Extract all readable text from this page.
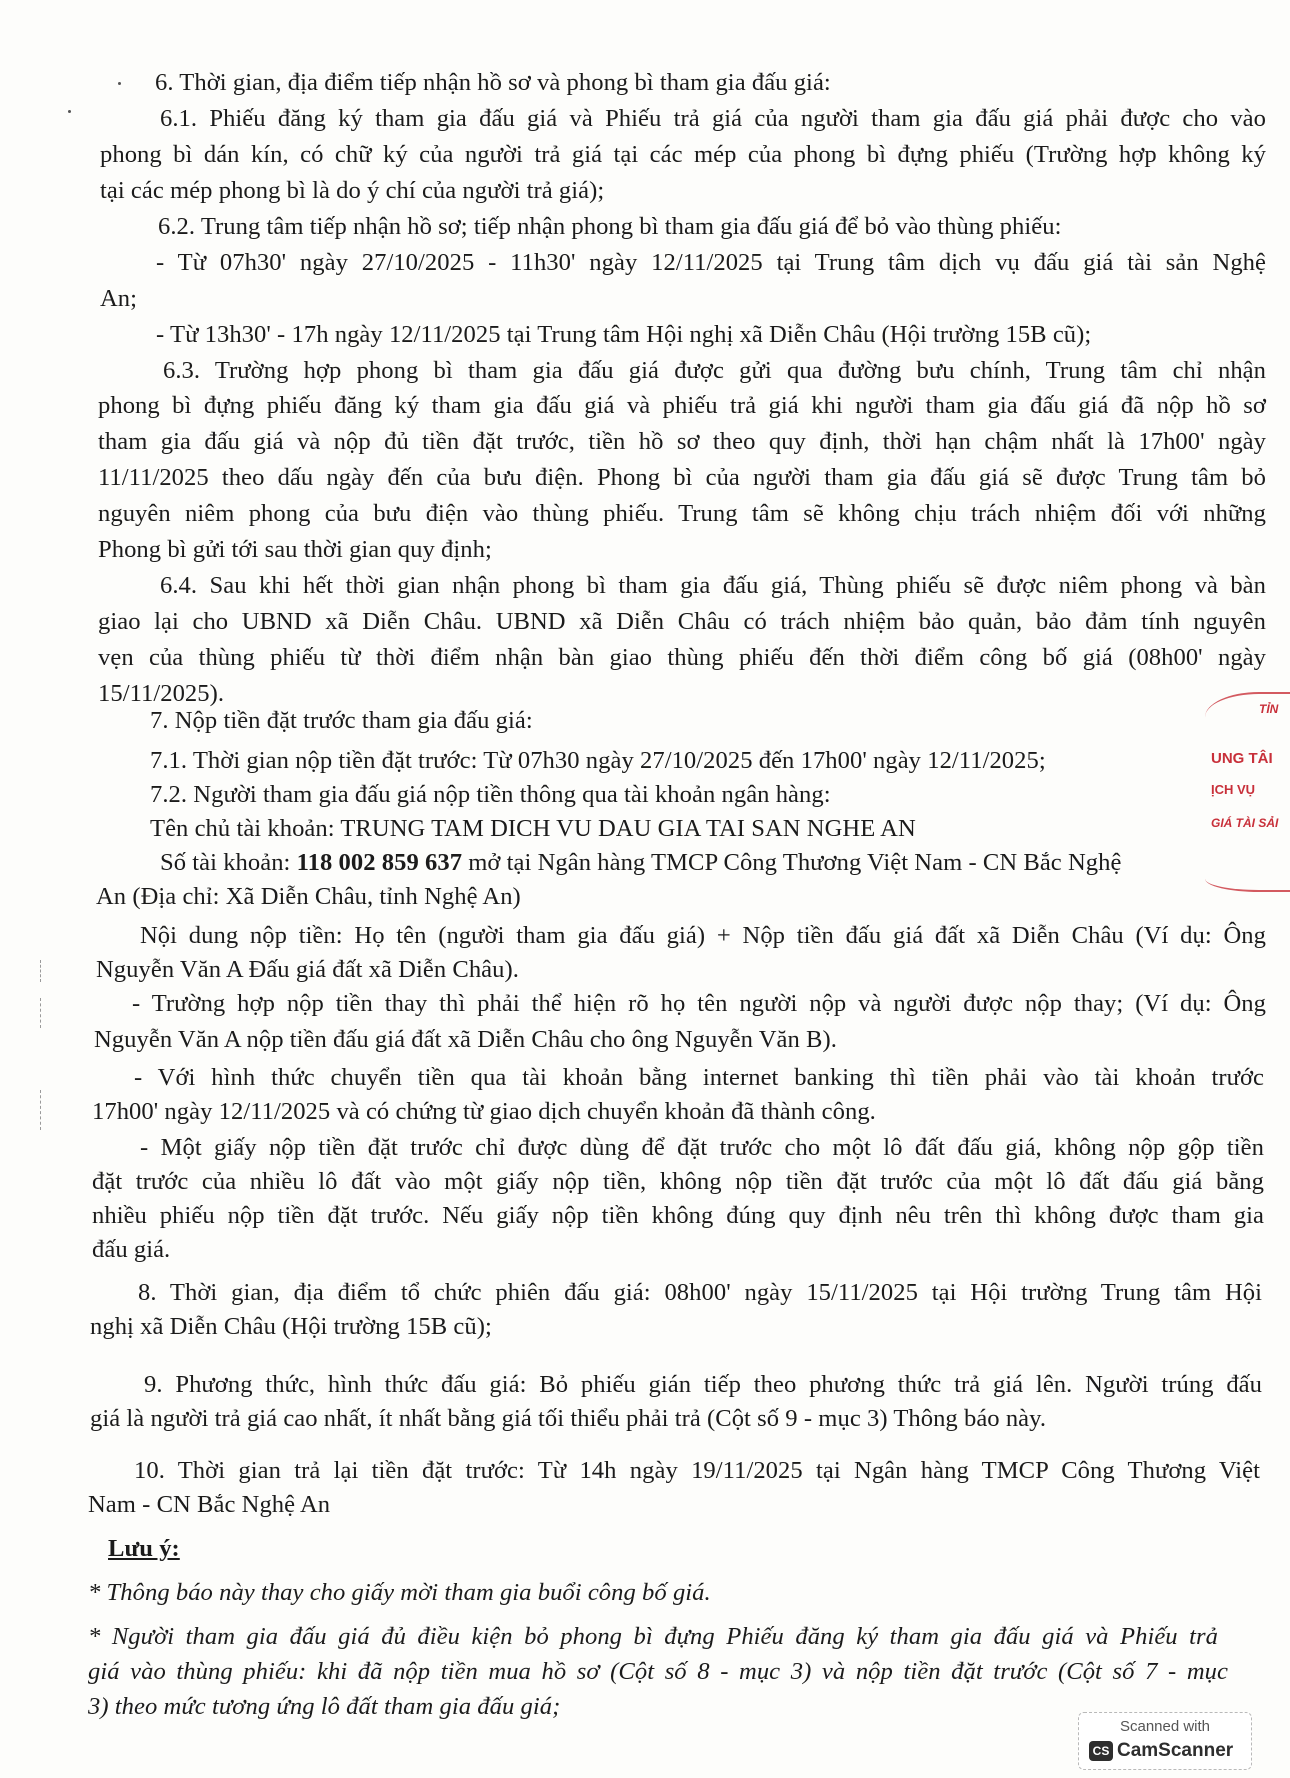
6. Thời gian, địa điểm tiếp nhận hồ sơ và phong bì tham gia đấu giá:
6.1. Phiếu đăng ký tham gia đấu giá và Phiếu trả giá của người tham gia đấu giá phải được cho vào
phong bì dán kín, có chữ ký của người trả giá tại các mép của phong bì đựng phiếu (Trường hợp không ký
tại các mép phong bì là do ý chí của người trả giá);
6.2. Trung tâm tiếp nhận hồ sơ; tiếp nhận phong bì tham gia đấu giá để bỏ vào thùng phiếu:
- Từ 07h30' ngày 27/10/2025 - 11h30' ngày 12/11/2025 tại Trung tâm dịch vụ đấu giá tài sản Nghệ
An;
- Từ 13h30' - 17h ngày 12/11/2025 tại Trung tâm Hội nghị xã Diễn Châu (Hội trường 15B cũ);
6.3. Trường hợp phong bì tham gia đấu giá được gửi qua đường bưu chính, Trung tâm chỉ nhận
phong bì đựng phiếu đăng ký tham gia đấu giá và phiếu trả giá khi người tham gia đấu giá đã nộp hồ sơ
tham gia đấu giá và nộp đủ tiền đặt trước, tiền hồ sơ theo quy định, thời hạn chậm nhất là 17h00' ngày
11/11/2025 theo dấu ngày đến của bưu điện. Phong bì của người tham gia đấu giá sẽ được Trung tâm bỏ
nguyên niêm phong của bưu điện vào thùng phiếu. Trung tâm sẽ không chịu trách nhiệm đối với những
Phong bì gửi tới sau thời gian quy định;
6.4. Sau khi hết thời gian nhận phong bì tham gia đấu giá, Thùng phiếu sẽ được niêm phong và bàn
giao lại cho UBND xã Diễn Châu. UBND xã Diễn Châu có trách nhiệm bảo quản, bảo đảm tính nguyên
vẹn của thùng phiếu từ thời điểm nhận bàn giao thùng phiếu đến thời điểm công bố giá (08h00' ngày
15/11/2025).
7. Nộp tiền đặt trước tham gia đấu giá:
7.1. Thời gian nộp tiền đặt trước: Từ 07h30 ngày 27/10/2025 đến 17h00' ngày 12/11/2025;
7.2. Người tham gia đấu giá nộp tiền thông qua tài khoản ngân hàng:
Tên chủ tài khoản: TRUNG TAM DICH VU DAU GIA TAI SAN NGHE AN
Số tài khoản: 118 002 859 637 mở tại Ngân hàng TMCP Công Thương Việt Nam - CN Bắc Nghệ
An (Địa chỉ: Xã Diễn Châu, tỉnh Nghệ An)
Nội dung nộp tiền: Họ tên (người tham gia đấu giá) + Nộp tiền đấu giá đất xã Diễn Châu (Ví dụ: Ông
Nguyễn Văn A Đấu giá đất xã Diễn Châu).
- Trường hợp nộp tiền thay thì phải thể hiện rõ họ tên người nộp và người được nộp thay; (Ví dụ: Ông
Nguyễn Văn A nộp tiền đấu giá đất xã Diễn Châu cho ông Nguyễn Văn B).
- Với hình thức chuyển tiền qua tài khoản bằng internet banking thì tiền phải vào tài khoản trước
17h00' ngày 12/11/2025 và có chứng từ giao dịch chuyển khoản đã thành công.
- Một giấy nộp tiền đặt trước chỉ được dùng để đặt trước cho một lô đất đấu giá, không nộp gộp tiền
đặt trước của nhiều lô đất vào một giấy nộp tiền, không nộp tiền đặt trước của một lô đất đấu giá bằng
nhiều phiếu nộp tiền đặt trước. Nếu giấy nộp tiền không đúng quy định nêu trên thì không được tham gia
đấu giá.
8. Thời gian, địa điểm tổ chức phiên đấu giá: 08h00' ngày 15/11/2025 tại Hội trường Trung tâm Hội
nghị xã Diễn Châu (Hội trường 15B cũ);
9. Phương thức, hình thức đấu giá: Bỏ phiếu gián tiếp theo phương thức trả giá lên. Người trúng đấu
giá là người trả giá cao nhất, ít nhất bằng giá tối thiểu phải trả (Cột số 9 - mục 3) Thông báo này.
10. Thời gian trả lại tiền đặt trước: Từ 14h ngày 19/11/2025 tại Ngân hàng TMCP Công Thương Việt
Nam - CN Bắc Nghệ An
Lưu ý:
* Thông báo này thay cho giấy mời tham gia buổi công bố giá.
* Người tham gia đấu giá đủ điều kiện bỏ phong bì đựng Phiếu đăng ký tham gia đấu giá và Phiếu trả
giá vào thùng phiếu: khi đã nộp tiền mua hồ sơ (Cột số 8 - mục 3) và nộp tiền đặt trước (Cột số 7 - mục
3) theo mức tương ứng lô đất tham gia đấu giá;
TỈN
UNG TÂI
ỊCH VỤ
GIÁ TÀI SẢI
Scanned with
CS CamScanner
